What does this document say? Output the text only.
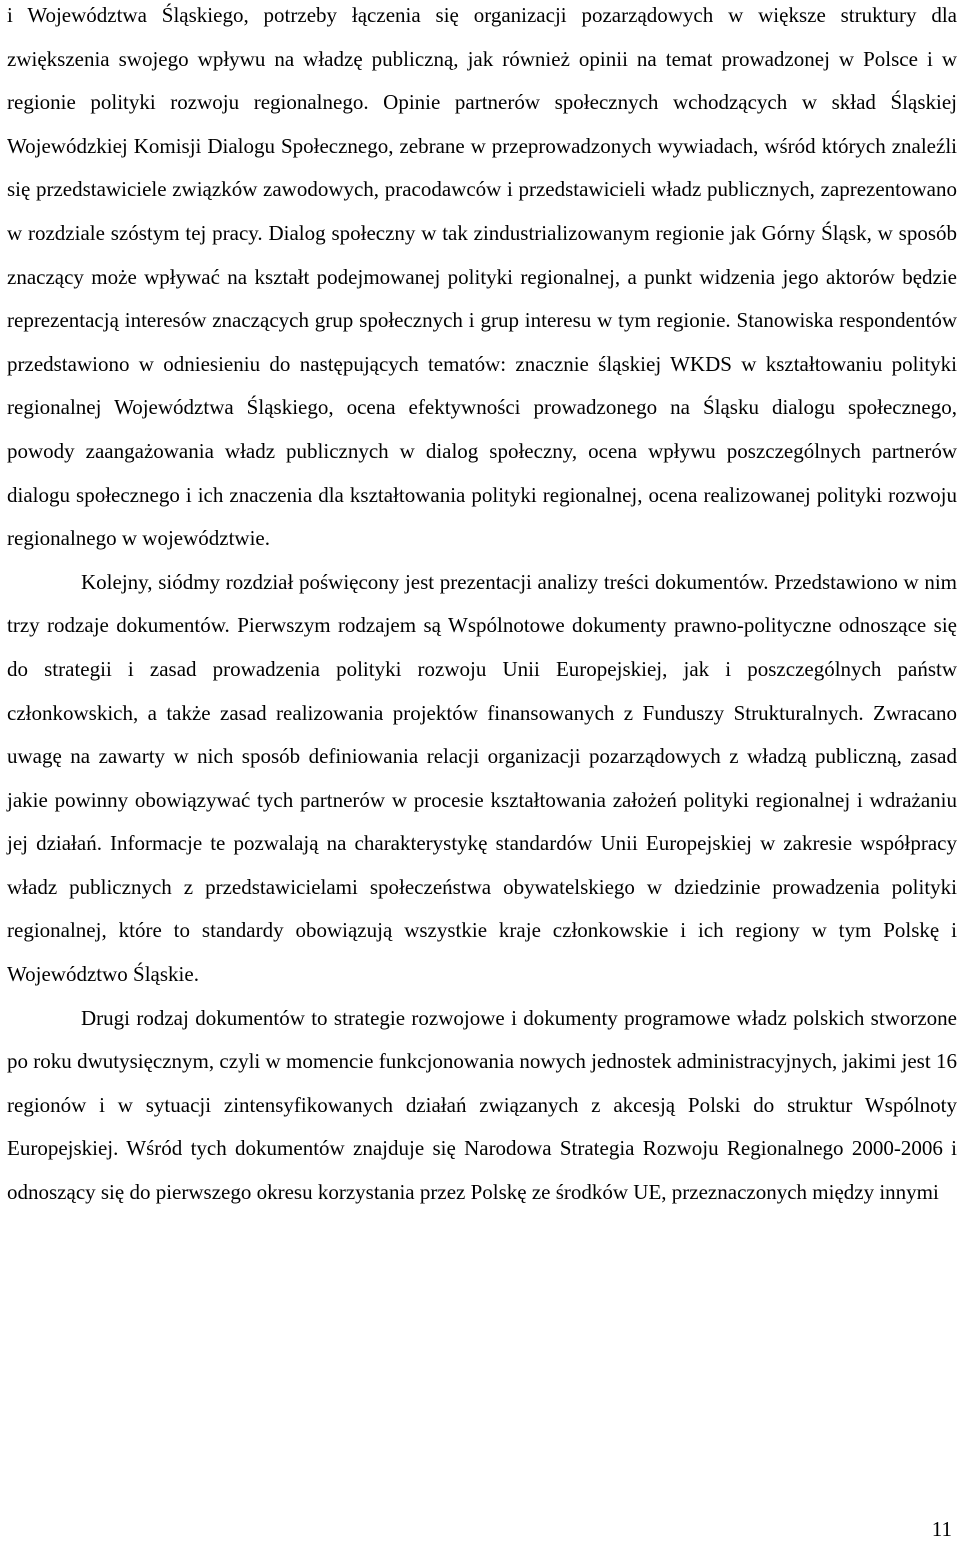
i Województwa Śląskiego, potrzeby łączenia się organizacji pozarządowych w większe struktury dla zwiększenia swojego wpływu na władzę publiczną, jak również opinii na temat prowadzonej w Polsce i w regionie polityki rozwoju regionalnego. Opinie partnerów społecznych wchodzących w skład Śląskiej Wojewódzkiej Komisji Dialogu Społecznego, zebrane w przeprowadzonych wywiadach, wśród których znaleźli się przedstawiciele związków zawodowych, pracodawców i przedstawicieli władz publicznych, zaprezentowano w rozdziale szóstym tej pracy. Dialog społeczny w tak zindustrializowanym regionie jak Górny Śląsk, w sposób znaczący może wpływać na kształt podejmowanej polityki regionalnej, a punkt widzenia jego aktorów będzie reprezentacją interesów znaczących grup społecznych i grup interesu w tym regionie. Stanowiska respondentów przedstawiono w odniesieniu do następujących tematów: znacznie śląskiej WKDS w kształtowaniu polityki regionalnej Województwa Śląskiego, ocena efektywności prowadzonego na Śląsku dialogu społecznego, powody zaangażowania władz publicznych w dialog społeczny, ocena wpływu poszczególnych partnerów dialogu społecznego i ich znaczenia dla kształtowania polityki regionalnej, ocena realizowanej polityki rozwoju regionalnego w województwie.

Kolejny, siódmy rozdział poświęcony jest prezentacji analizy treści dokumentów. Przedstawiono w nim trzy rodzaje dokumentów. Pierwszym rodzajem są Wspólnotowe dokumenty prawno-polityczne odnoszące się do strategii i zasad prowadzenia polityki rozwoju Unii Europejskiej, jak i poszczególnych państw członkowskich, a także zasad realizowania projektów finansowanych z Funduszy Strukturalnych. Zwracano uwagę na zawarty w nich sposób definiowania relacji organizacji pozarządowych z władzą publiczną, zasad jakie powinny obowiązywać tych partnerów w procesie kształtowania założeń polityki regionalnej i wdrażaniu jej działań. Informacje te pozwalają na charakterystykę standardów Unii Europejskiej w zakresie współpracy władz publicznych z przedstawicielami społeczeństwa obywatelskiego w dziedzinie prowadzenia polityki regionalnej, które to standardy obowiązują wszystkie kraje członkowskie i ich regiony w tym Polskę i Województwo Śląskie.

Drugi rodzaj dokumentów to strategie rozwojowe i dokumenty programowe władz polskich stworzone po roku dwutysięcznym, czyli w momencie funkcjonowania nowych jednostek administracyjnych, jakimi jest 16 regionów i w sytuacji zintensyfikowanych działań związanych z akcesją Polski do struktur Wspólnoty Europejskiej. Wśród tych dokumentów znajduje się Narodowa Strategia Rozwoju Regionalnego 2000-2006 i odnoszący się do pierwszego okresu korzystania przez Polskę ze środków UE, przeznaczonych między innymi

11
